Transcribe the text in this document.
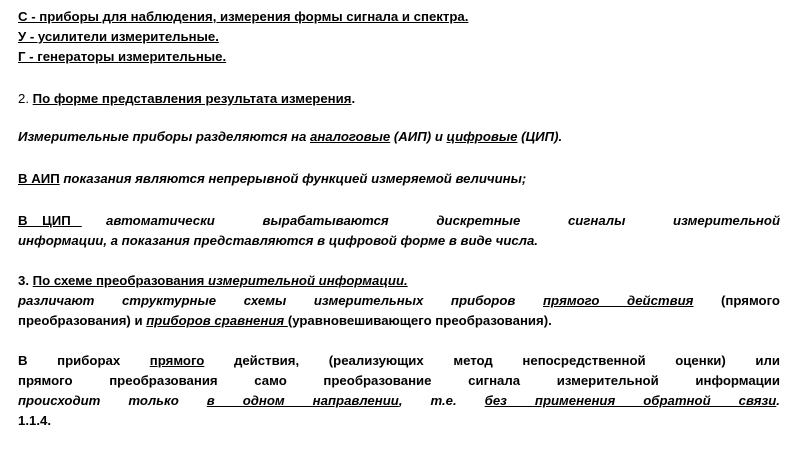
С - приборы для наблюдения, измерения формы сигнала и спектра.
У - усилители измерительные.
Г - генераторы измерительные.
2. По форме представления результата измерения.
Измерительные приборы разделяются на аналоговые (АИП) и цифровые (ЦИП).
В АИП показания являются непрерывной функцией измеряемой величины;
В    ЦИП	автоматически вырабатываются дискретные сигналы измерительной
информации, а показания представляются в цифровой форме в виде числа.
3. По схеме преобразования измерительной информации.
различают структурные схемы измерительных приборов прямого действия (прямого
преобразования) и приборов сравнения (уравновешивающего преобразования).
В приборах прямого действия, (реализующих метод непосредственной оценки) или
прямого преобразования само преобразование сигнала измерительной информации
происходит только в одном направлении, т.е. без применения обратной связи.
1.1.4.
